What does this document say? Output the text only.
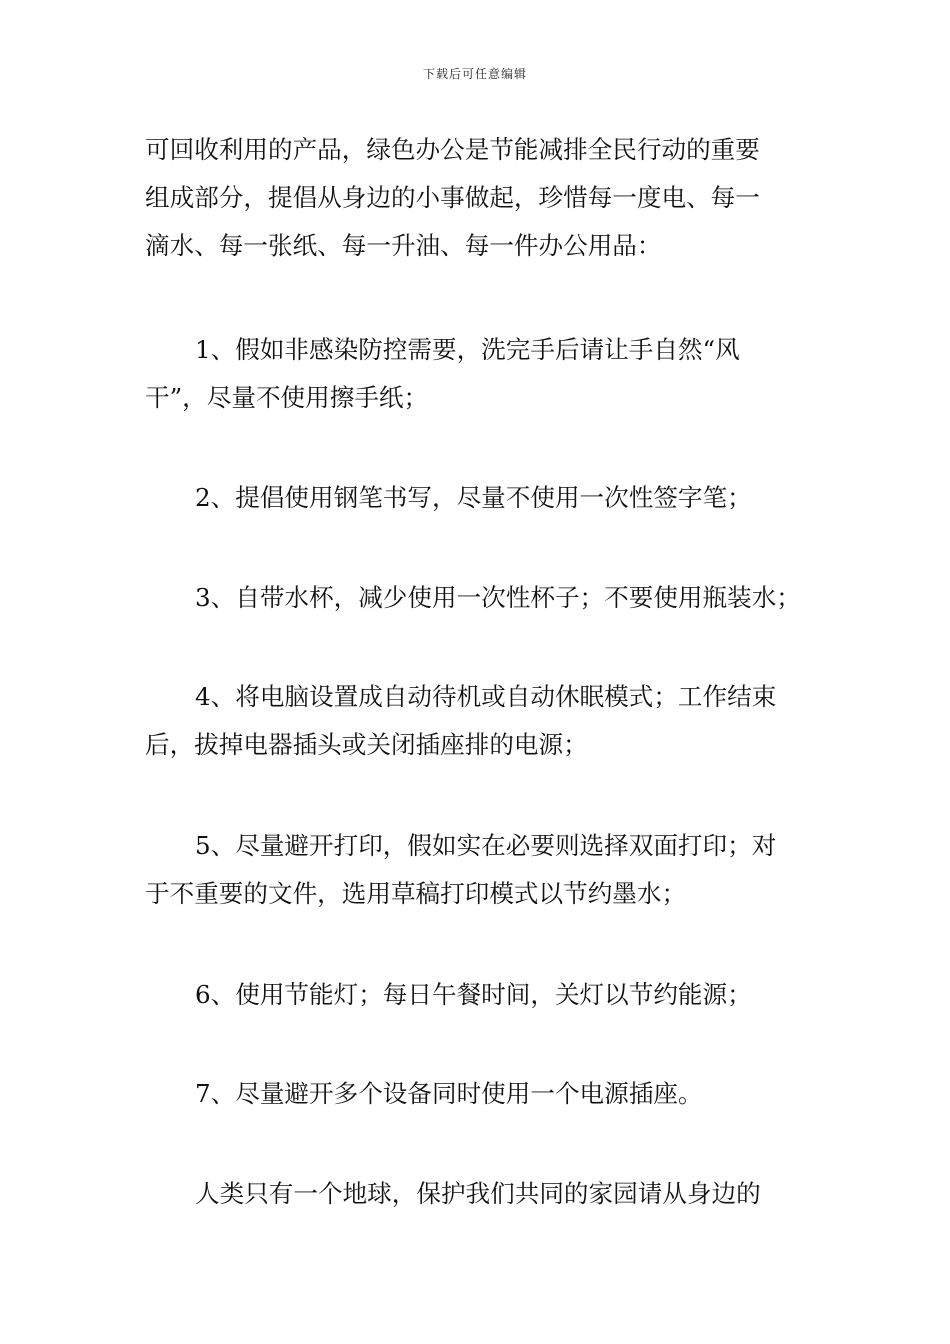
下载后可任意编辑

可回收利用的产品，绿色办公是节能减排全民行动的重要
组成部分，提倡从身边的小事做起，珍惜每一度电、每一
滴水、每一张纸、每一升油、每一件办公用品：

1、假如非感染防控需要，洗完手后请让手自然“风
干”，尽量不使用擦手纸；

2、提倡使用钢笔书写，尽量不使用一次性签字笔；

3、自带水杯，减少使用一次性杯子；不要使用瓶装水；

4、将电脑设置成自动待机或自动休眠模式；工作结束
后，拔掉电器插头或关闭插座排的电源；

5、尽量避开打印，假如实在必要则选择双面打印；对
于不重要的文件，选用草稿打印模式以节约墨水；

6、使用节能灯；每日午餐时间，关灯以节约能源；

7、尽量避开多个设备同时使用一个电源插座。

人类只有一个地球，保护我们共同的家园请从身边的
